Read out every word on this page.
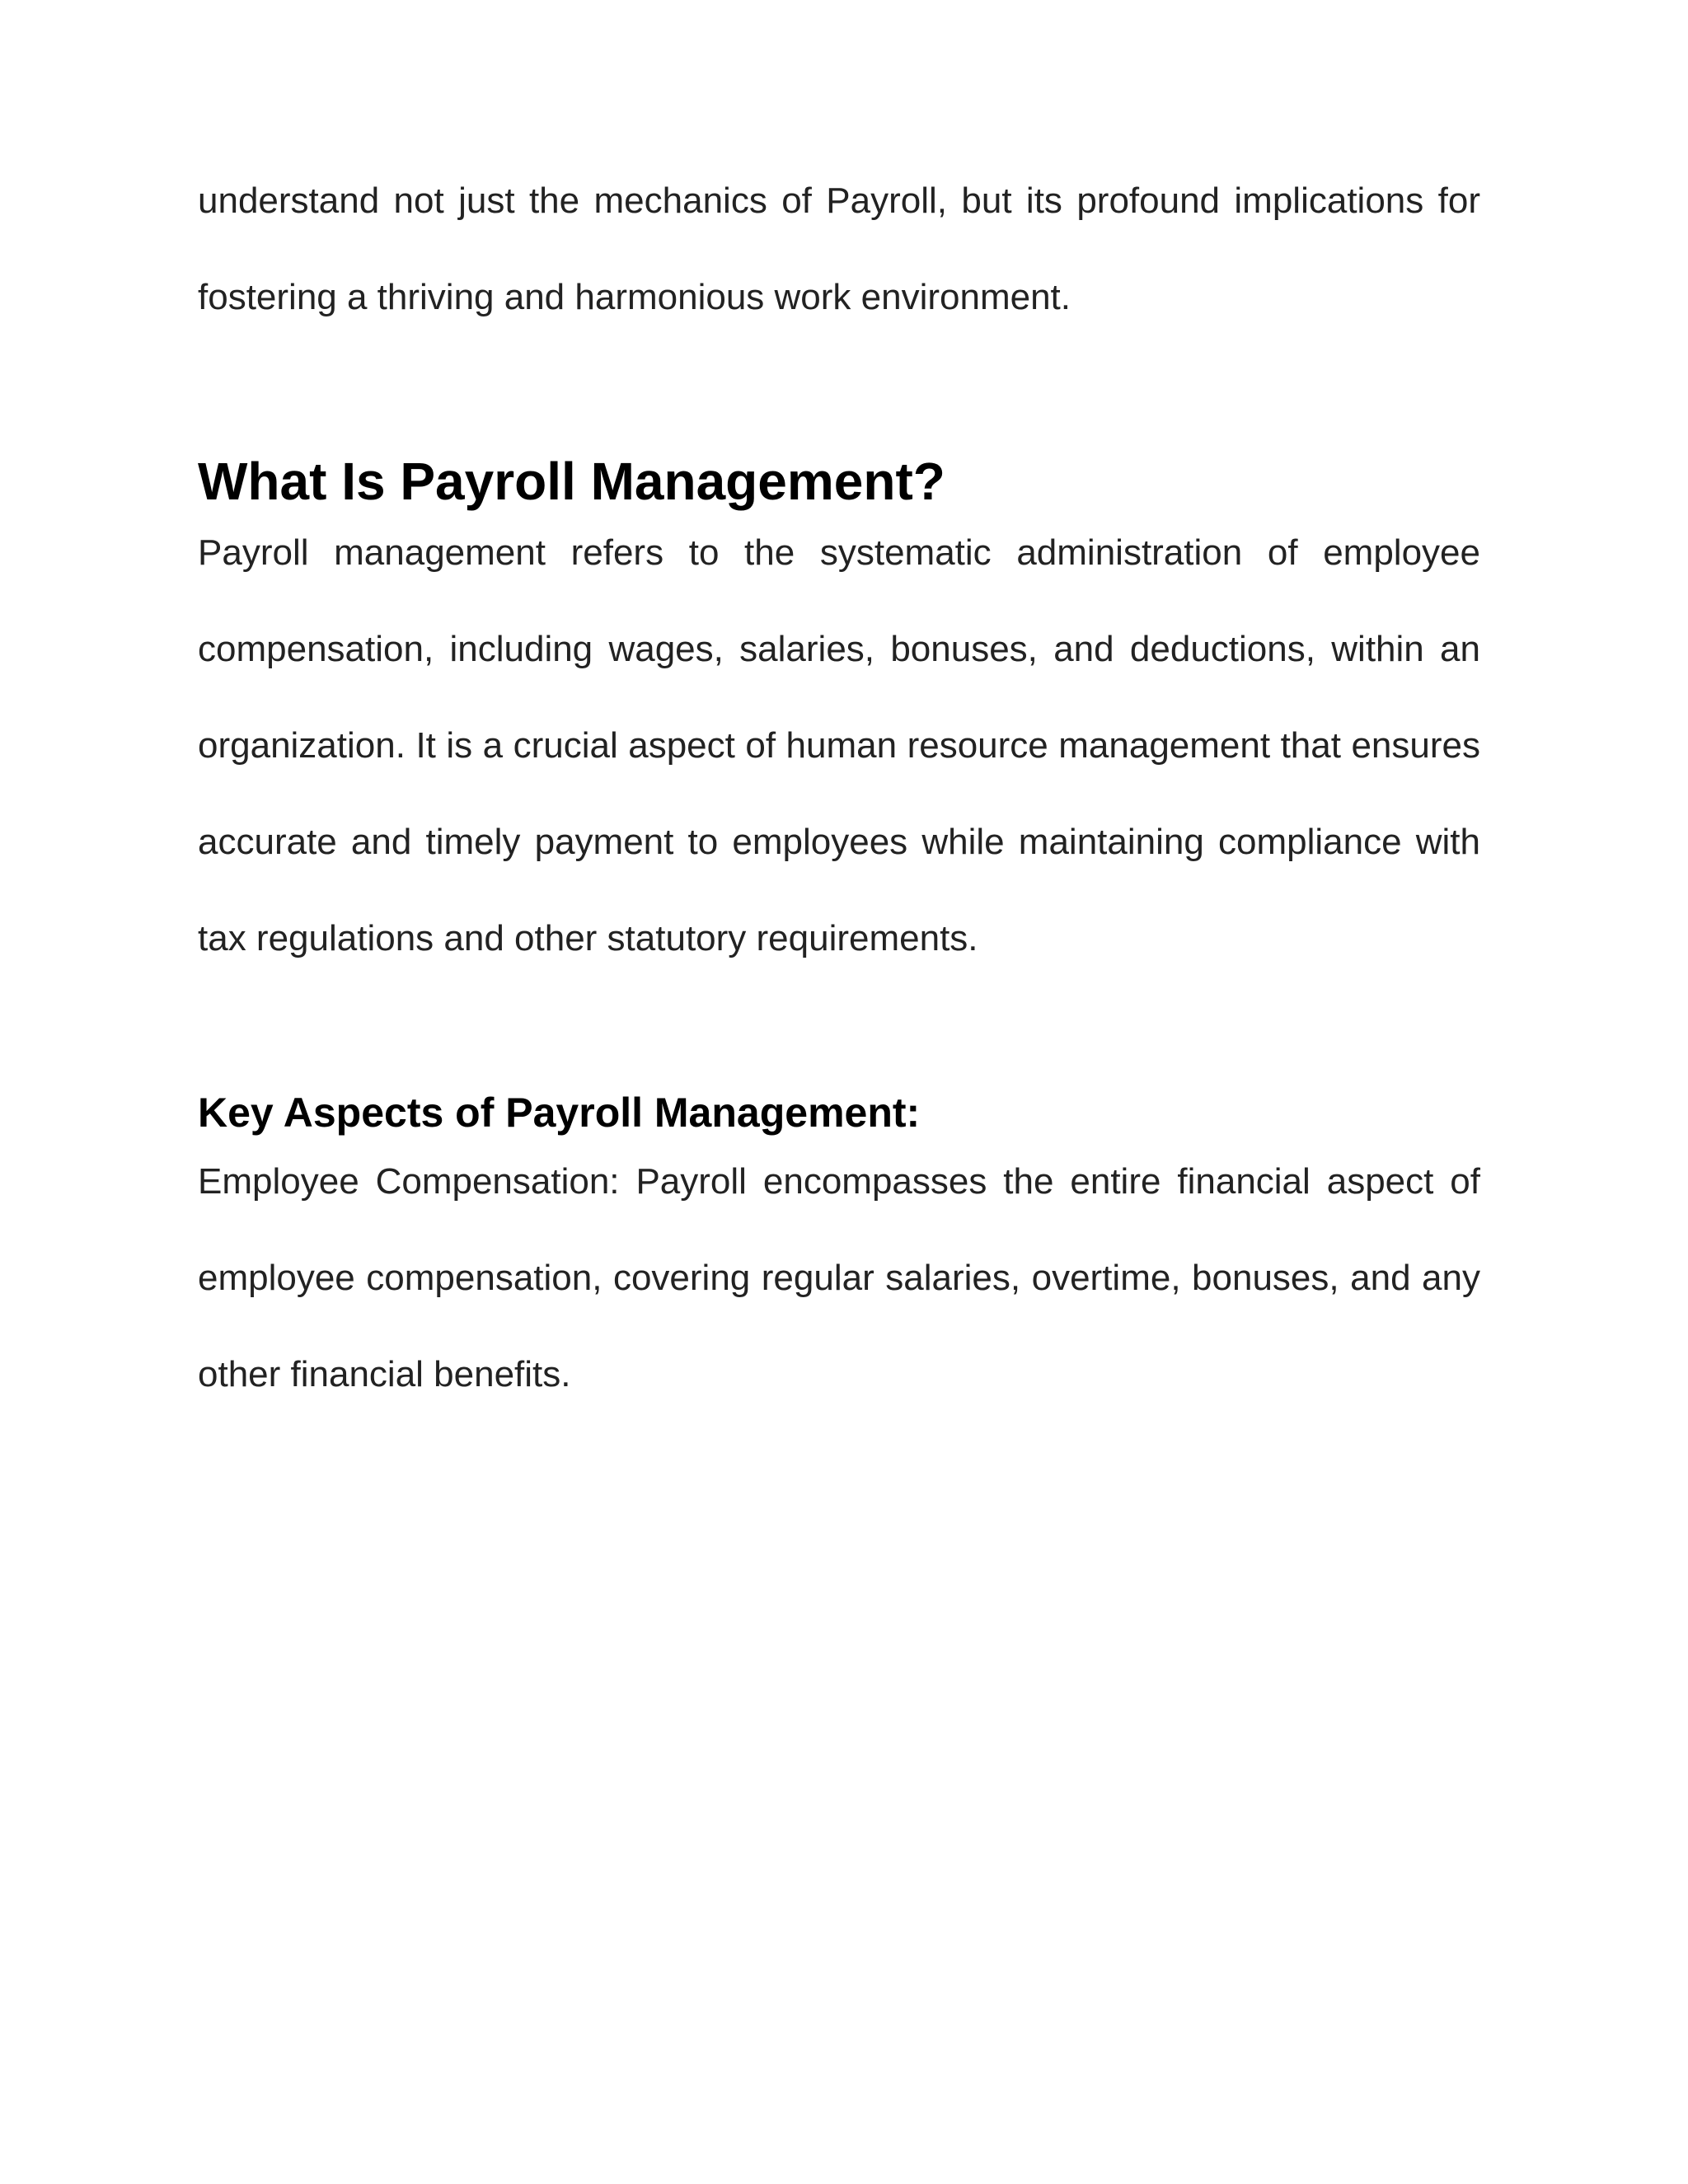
understand not just the mechanics of Payroll, but its profound implications for fostering a thriving and harmonious work environment.

What Is Payroll Management?

Payroll management refers to the systematic administration of employee compensation, including wages, salaries, bonuses, and deductions, within an organization. It is a crucial aspect of human resource management that ensures accurate and timely payment to employees while maintaining compliance with tax regulations and other statutory requirements.

Key Aspects of Payroll Management:

Employee Compensation: Payroll encompasses the entire financial aspect of employee compensation, covering regular salaries, overtime, bonuses, and any other financial benefits.
